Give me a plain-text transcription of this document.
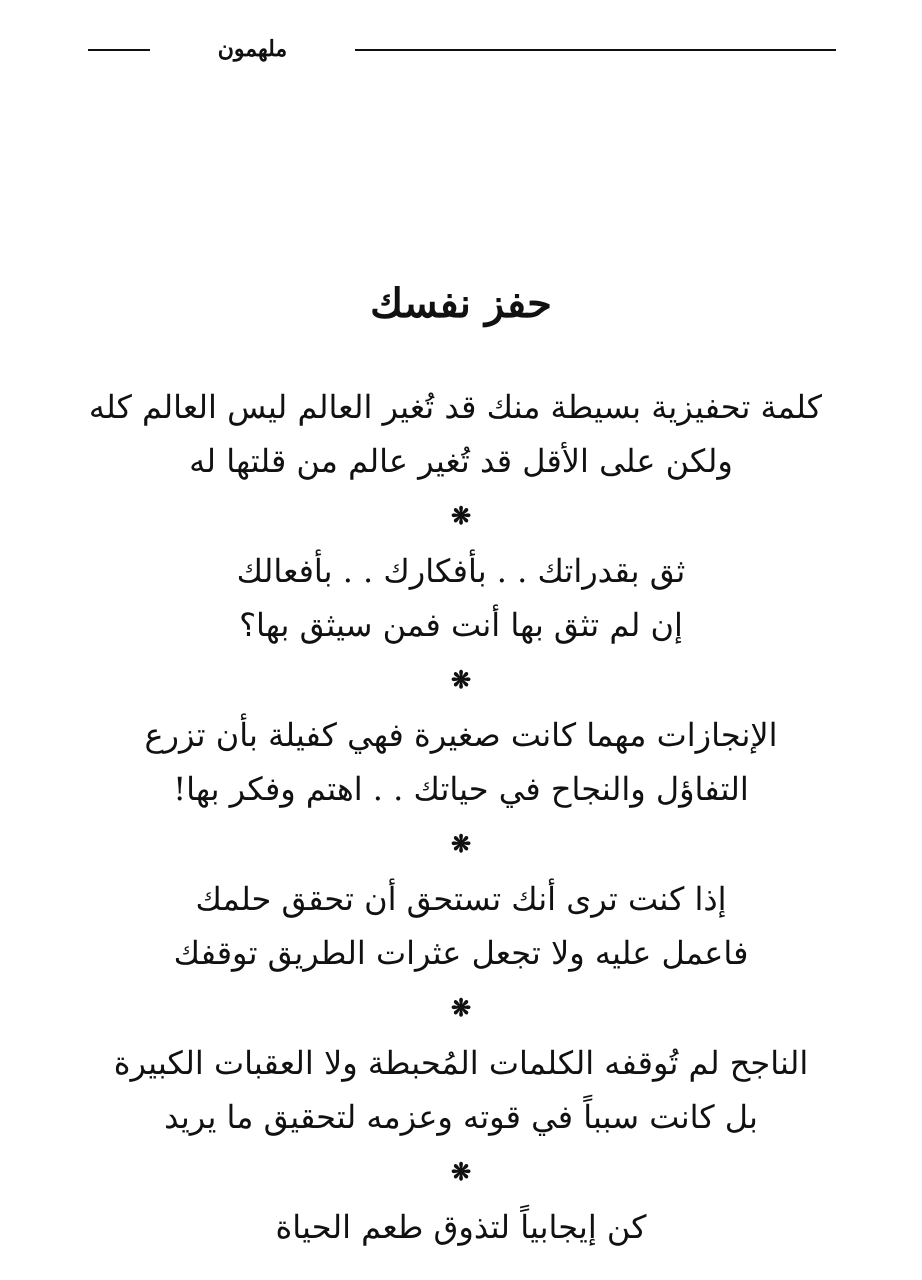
ملهمون
حفز نفسك
كلمة تحفيزية بسيطة منك قد تُغير العالم ليس العالم كله
ولكن على الأقل قد تُغير عالم من قلتها له
❋
ثق بقدراتك . . بأفكارك . . بأفعالك
إن لم تثق بها أنت فمن سيثق بها؟
❋
الإنجازات مهما كانت صغيرة فهي كفيلة بأن تزرع
التفاؤل والنجاح في حياتك . . اهتم وفكر بها!
❋
إذا كنت ترى أنك تستحق أن تحقق حلمك
فاعمل عليه ولا تجعل عثرات الطريق توقفك
❋
الناجح لم تُوقفه الكلمات المُحبطة ولا العقبات الكبيرة
بل كانت سبباً في قوته وعزمه لتحقيق ما يريد
❋
كن إيجابياً لتذوق طعم الحياة
